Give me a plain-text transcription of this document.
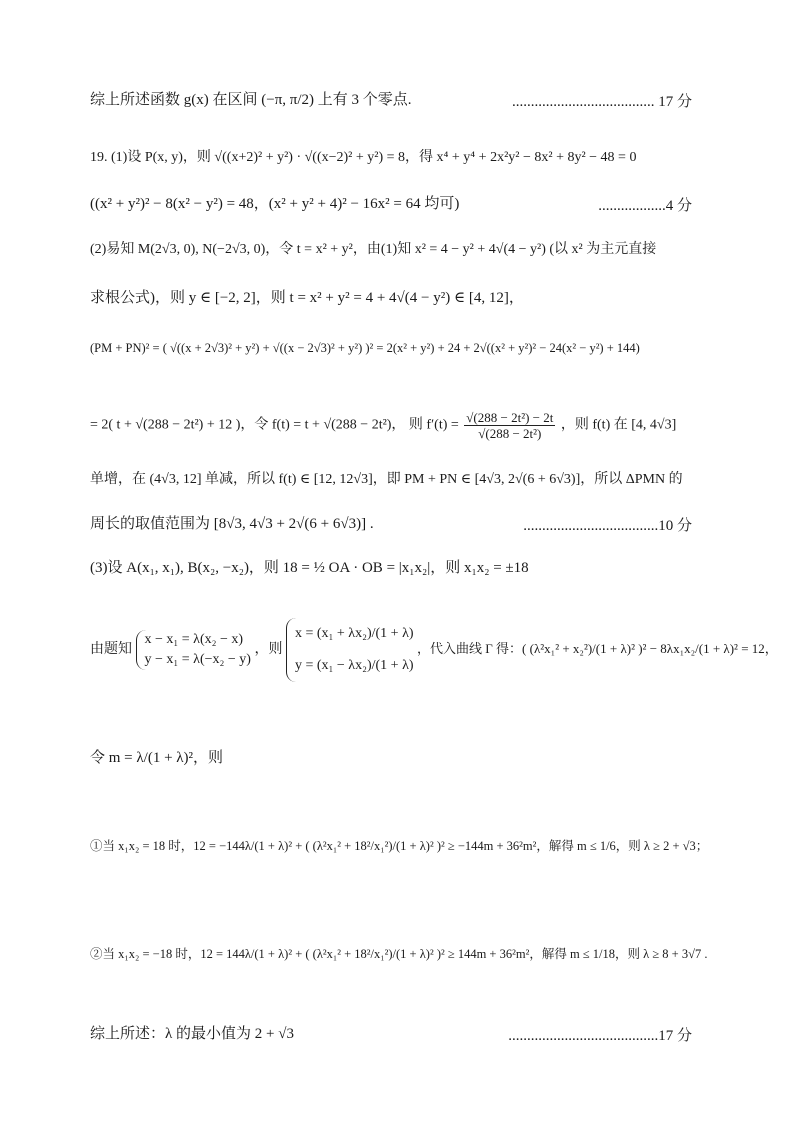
综上所述函数 g(x) 在区间 (−π, π/2) 上有 3 个零点.	...................................... 17 分
19. (1)设 P(x, y)，则 √((x+2)² + y²) · √((x−2)² + y²) = 8，得 x⁴ + y⁴ + 2x²y² − 8x² + 8y² − 48 = 0
((x² + y²)² − 8(x² − y²) = 48，(x² + y² + 4)² − 16x² = 64 均可)	..................4 分
(2)易知 M(2√3, 0), N(−2√3, 0)，令 t = x² + y²，由(1)知 x² = 4 − y² + 4√(4 − y²) (以 x² 为主元直接
求根公式)，则 y ∈ [−2, 2]，则 t = x² + y² = 4 + 4√(4 − y²) ∈ [4, 12]，
(PM + PN)² = ( √((x + 2√3)² + y²) + √((x − 2√3)² + y²) )² = 2(x² + y²) + 24 + 2√((x² + y²)² − 24(x² − y²) + 144)
= 2( t + √(288 − 2t²) + 12 )，令 f(t) = t + √(288 − 2t²)， 则 $f'(t) = \frac{\text{√(288 − 2t²) − 2t}}{\text{√(288 − 2t²)}}$ ，则 f(t) 在 [4, 4√3]
单增，在 (4√3, 12] 单减，所以 f(t) ∈ [12, 12√3]，即 PM + PN ∈ [4√3, 2√(6 + 6√3)]，所以 ΔPMN 的
周长的取值范围为 [8√3, 4√3 + 2√(6 + 6√3)] .	....................................10 分
(3)设 A(x₁, x₁), B(x₂, −x₂)，则 18 = ½ OA · OB = |x₁x₂|，则 x₁x₂ = ±18
由题知
x − x₁ = λ(x₂ − x)
y − x₁ = λ(−x₂ − y)
，则
x = (x₁ + λx₂)/(1 + λ)
y = (x₁ − λx₂)/(1 + λ)
，代入曲线 Γ 得：( (λ²x₁² + x₂²)/(1 + λ)² )² − 8λx₁x₂/(1 + λ)² = 12，
令 m = λ/(1 + λ)²，则
①当 x₁x₂ = 18 时，12 = −144λ/(1 + λ)² + ( (λ²x₁² + 18²/x₁²)/(1 + λ)² )² ≥ −144m + 36²m²，解得 m ≤ 1/6，则 λ ≥ 2 + √3；
②当 x₁x₂ = −18 时，12 = 144λ/(1 + λ)² + ( (λ²x₁² + 18²/x₁²)/(1 + λ)² )² ≥ 144m + 36²m²，解得 m ≤ 1/18，则 λ ≥ 8 + 3√7 .
综上所述：λ 的最小值为 2 + √3	........................................17 分
